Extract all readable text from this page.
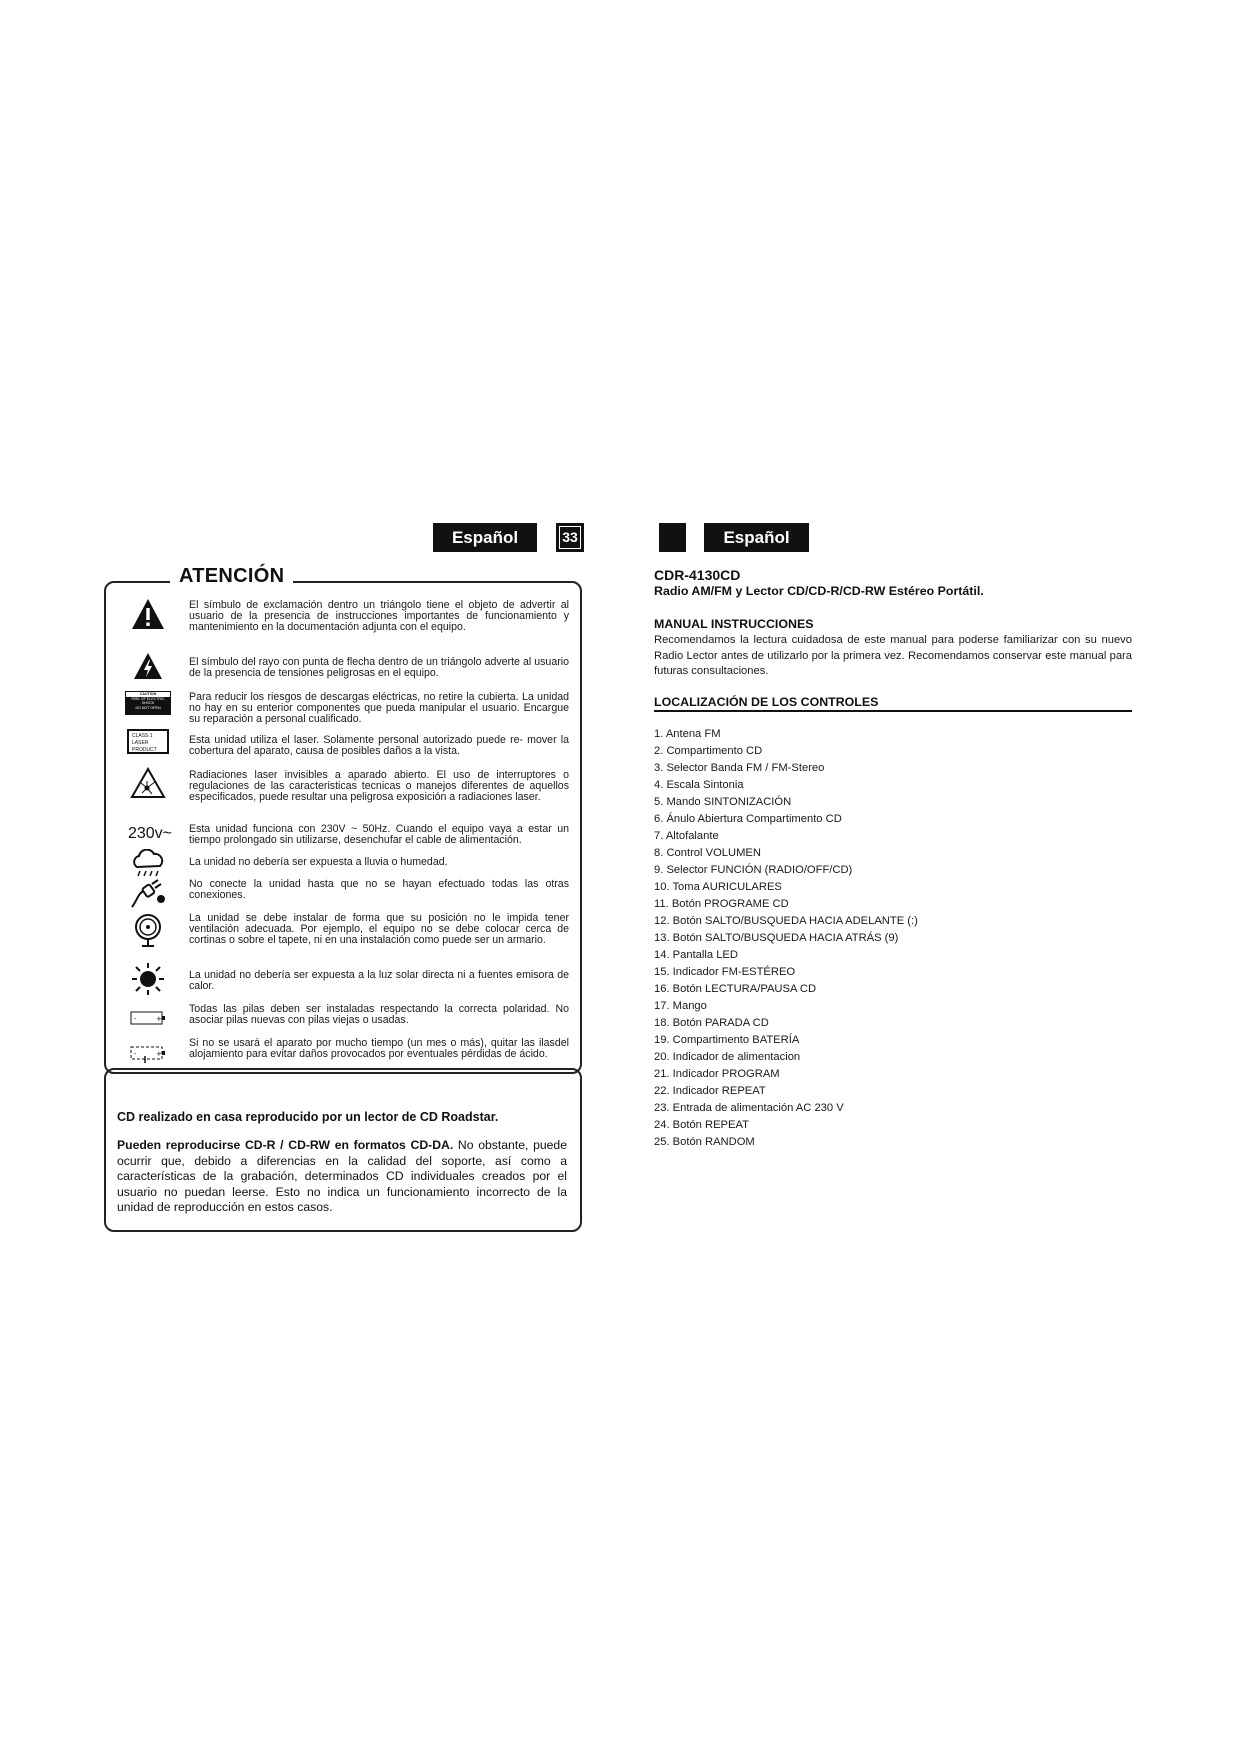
Español	33
ATENCIÓN
El símbulo de exclamación dentro un triángolo tiene el objeto de advertir al usuario de la presencia de instrucciones importantes de funcionamiento y mantenimiento en la documentación adjunta con el equipo.
El símbulo del rayo con punta de flecha dentro de un triángolo adverte al usuario de la presencia de tensiones peligrosas en el equipo.
CAUTION
RISK OF ELECTRIC SHOCK
DO NOT OPEN
Para reducir los riesgos de descargas eléctricas, no retire la cubierta. La unidad no hay en su enterior componentes que pueda manipular el usuario. Encargue su reparación a personal cualificado.
CLASS 1
LASER PRODUCT
Esta unidad utiliza el laser. Solamente personal autorizado puede re- mover la cobertura del aparato, causa de posibles daños a la vista.
Radiaciones laser invisibles a aparado abierto. El uso de interruptores o regulaciones de las caracteristicas tecnicas o manejos diferentes de aquellos especificados, puede resultar una peligrosa exposición a radiaciones laser.
230v~	Esta unidad funciona con 230V ~ 50Hz. Cuando el equipo vaya a estar un tiempo prolongado sin utilizarse, desenchufar el cable de alimentación.
La unidad no debería ser expuesta a lluvia o humedad.
No conecte la unidad hasta que no se hayan efectuado todas las otras conexiones.
La unidad se debe instalar de forma que su posición no le impida tener ventilación adecuada. Por ejemplo, el equipo no se debe colocar cerca de cortinas o sobre el tapete, ni en una instalación como puede ser un armario.
La unidad no debería ser expuesta a la luz solar directa ni a fuentes emisora de calor.
-	+
Todas las pilas deben ser instaladas respectando la correcta polaridad. No asociar pilas nuevas con pilas viejas o usadas.
-	+
Si no se usará el aparato por mucho tiempo (un mes o más), quitar las ilasdel alojamiento para evitar daños provocados por eventuales pérdidas de ácido.
CD realizado en casa reproducido por un lector de CD Roadstar.
Pueden reproducirse CD-R / CD-RW en formatos CD-DA. No obstante, puede ocurrir que, debido a diferencias en la calidad del soporte, así como a características de la grabación, determinados CD individuales creados por el usuario no puedan leerse. Esto no indica un funcionamiento incorrecto de la unidad de reproducción en estos casos.
Español
CDR-4130CD
Radio AM/FM y Lector CD/CD-R/CD-RW Estéreo Portátil.
MANUAL INSTRUCCIONES
Recomendamos la lectura cuidadosa de este manual para poderse familiarizar con su nuevo Radio Lector antes de utilizarlo por la primera vez. Recomendamos conservar este manual para futuras consultaciones.
LOCALIZACIÓN DE LOS CONTROLES
1. Antena FM
2. Compartimento CD
3. Selector Banda FM / FM-Stereo
4. Escala Sintonia
5. Mando SINTONIZACIÓN
6. Ánulo Abiertura Compartimento CD
7. Altofalante
8. Control VOLUMEN
9. Selector FUNCIÓN (RADIO/OFF/CD)
10. Toma AURICULARES
11. Botón PROGRAME CD
12. Botón SALTO/BUSQUEDA HACIA ADELANTE (:)
13. Botón SALTO/BUSQUEDA HACIA ATRÁS (9)
14. Pantalla LED
15. Indicador FM-ESTÉREO
16. Botón LECTURA/PAUSA CD
17. Mango
18. Botón PARADA CD
19. Compartimento BATERÍA
20. Indicador de alimentacion
21. Indicador PROGRAM
22. Indicador REPEAT
23. Entrada de alimentación AC 230 V
24. Botón REPEAT
25. Botón RANDOM
